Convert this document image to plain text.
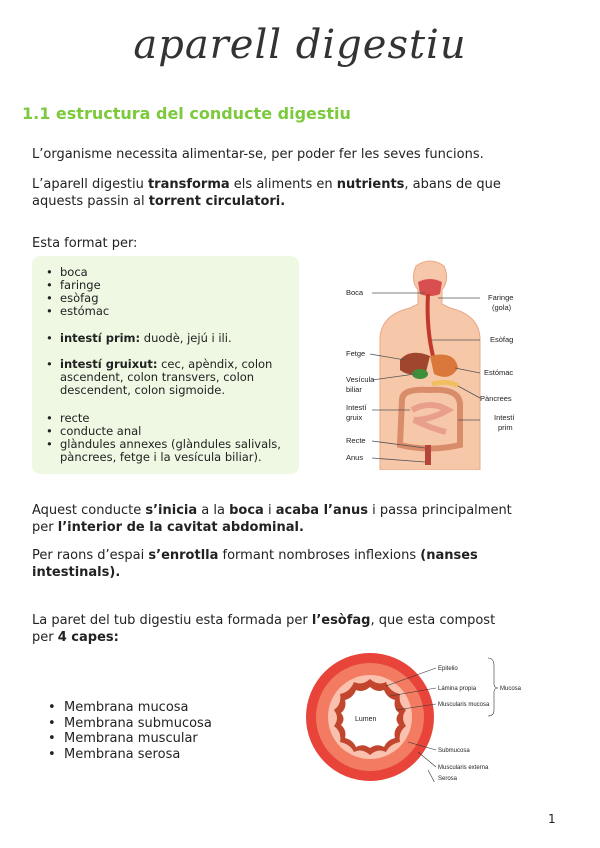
aparell digestiu
1.1 estructura del conducte digestiu
L’organisme necessita alimentar-se, per poder fer les seves funcions.
L’aparell digestiu transforma els aliments en nutrients, abans de que aquests passin al torrent circulatori.
Esta format per:
• boca
• faringe
• esòfag
• estómac
• intestí prim: duodè, jejú i ili.
• intestí gruixut: cec, apèndix, colon ascendent, colon transvers, colon descendent, colon sigmoide.
• recte
• conducte anal
• glàndules annexes (glàndules salivals, pàncrees, fetge i la vesícula biliar).
Boca
Fetge
Vesícula
biliar
Intestí
gruix
Recte
Anus
Faringe
(gola)
Esòfag
Estómac
Pàncrees
Intestí
prim
Aquest conducte s’inicia a la boca i acaba l’anus i passa principalment per l’interior de la cavitat abdominal.
Per raons d’espai s’enrotlla formant nombroses inflexions (nanses intestinals).
La paret del tub digestiu esta formada per l’esòfag, que esta compost per 4 capes:
• Membrana mucosa
• Membrana submucosa
• Membrana muscular
• Membrana serosa
Lumen
Epitelio
Lámina propia
Muscularis mucosa
Mucosa
Submucosa
Muscularis externa
Serosa
1
